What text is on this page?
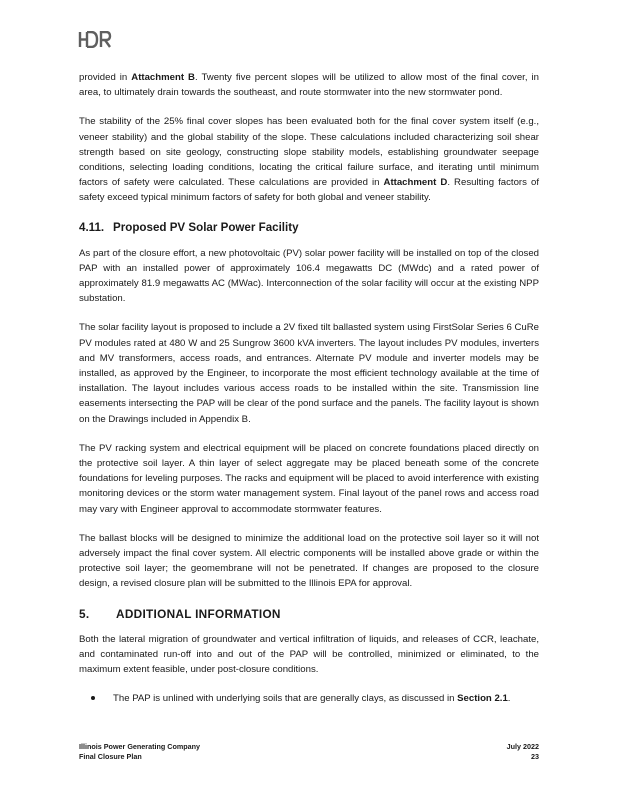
provided in Attachment B. Twenty five percent slopes will be utilized to allow most of the final cover, in area, to ultimately drain towards the southeast, and route stormwater into the new stormwater pond.

The stability of the 25% final cover slopes has been evaluated both for the final cover system itself (e.g., veneer stability) and the global stability of the slope. These calculations included characterizing soil shear strength based on site geology, constructing slope stability models, establishing groundwater seepage conditions, selecting loading conditions, locating the critical failure surface, and iterating until minimum factors of safety were calculated. These calculations are provided in Attachment D. Resulting factors of safety exceed typical minimum factors of safety for both global and veneer stability.

4.11. Proposed PV Solar Power Facility

As part of the closure effort, a new photovoltaic (PV) solar power facility will be installed on top of the closed PAP with an installed power of approximately 106.4 megawatts DC (MWdc) and a rated power of approximately 81.9 megawatts AC (MWac). Interconnection of the solar facility will occur at the existing NPP substation.

The solar facility layout is proposed to include a 2V fixed tilt ballasted system using FirstSolar Series 6 CuRe PV modules rated at 480 W and 25 Sungrow 3600 kVA inverters. The layout includes PV modules, inverters and MV transformers, access roads, and entrances. Alternate PV module and inverter models may be installed, as approved by the Engineer, to incorporate the most efficient technology available at the time of installation. The layout includes various access roads to be installed within the site. Transmission line easements intersecting the PAP will be clear of the pond surface and the panels. The facility layout is shown on the Drawings included in Appendix B.

The PV racking system and electrical equipment will be placed on concrete foundations placed directly on the protective soil layer. A thin layer of select aggregate may be placed beneath some of the concrete foundations for leveling purposes. The racks and equipment will be placed to avoid interference with existing monitoring devices or the storm water management system. Final layout of the panel rows and access road may vary with Engineer approval to accommodate stormwater features.

The ballast blocks will be designed to minimize the additional load on the protective soil layer so it will not adversely impact the final cover system. All electric components will be installed above grade or within the protective soil layer; the geomembrane will not be penetrated. If changes are proposed to the closure design, a revised closure plan will be submitted to the Illinois EPA for approval.

5.	ADDITIONAL INFORMATION

Both the lateral migration of groundwater and vertical infiltration of liquids, and releases of CCR, leachate, and contaminated run-off into and out of the PAP will be controlled, minimized or eliminated, to the maximum extent feasible, under post-closure conditions.

The PAP is unlined with underlying soils that are generally clays, as discussed in Section 2.1.
Illinois Power Generating Company	July 2022
Final Closure Plan	23
